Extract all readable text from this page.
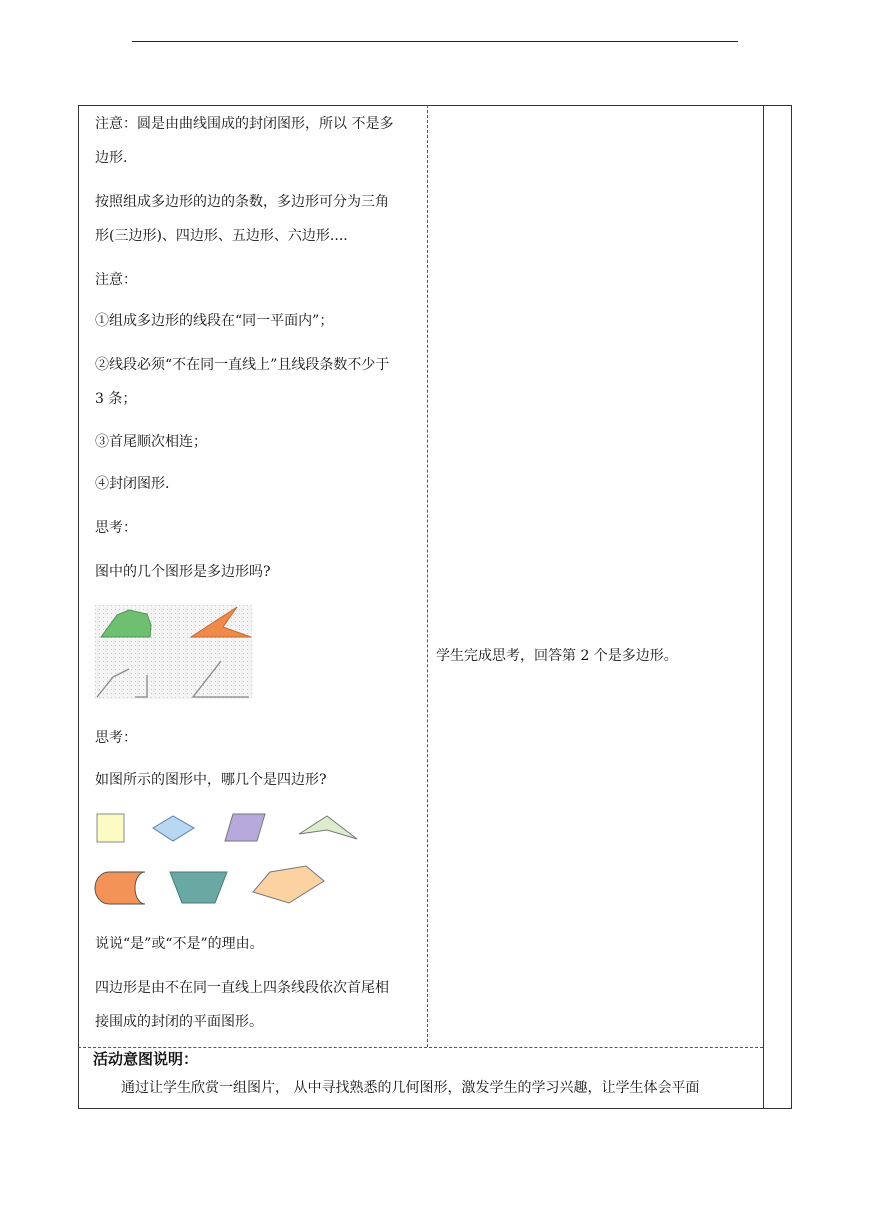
注意：圆是由曲线围成的封闭图形，所以 不是多
边形.
按照组成多边形的边的条数，多边形可分为三角
形(三边形)、四边形、五边形、六边形....
注意：
①组成多边形的线段在“同一平面内”；
②线段必须“不在同一直线上”且线段条数不少于
3 条；
③首尾顺次相连；
④封闭图形.
思考：
图中的几个图形是多边形吗?
思考：
如图所示的图形中，哪几个是四边形?
说说“是”或“不是”的理由。
四边形是由不在同一直线上四条线段依次首尾相
接围成的封闭的平面图形。
学生完成思考，回答第 2 个是多边形。
活动意图说明：
通过让学生欣赏一组图片， 从中寻找熟悉的几何图形，激发学生的学习兴趣，让学生体会平面
